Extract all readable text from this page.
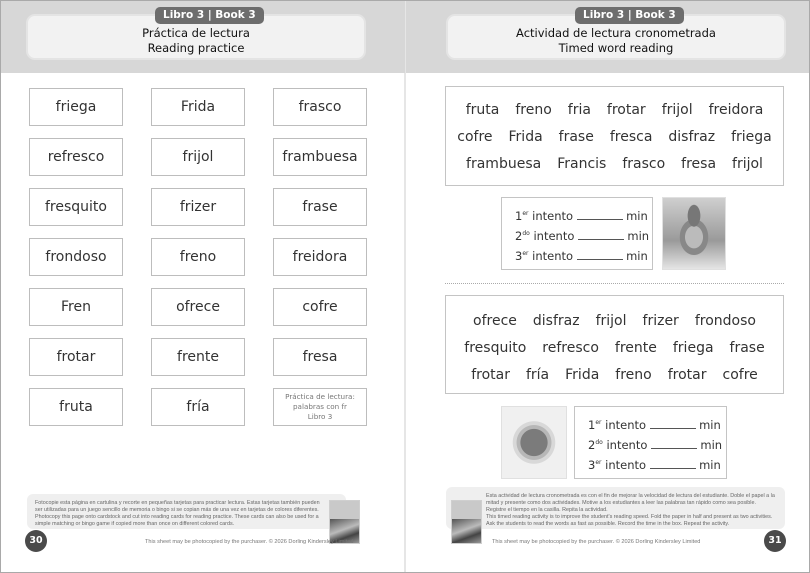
Práctica de lectura
Reading practice
Libro 3 | Book 3
friega	Frida	frasco
refresco	frijol	frambuesa
fresquito	frizer	frase
frondoso	freno	freidora
Fren	ofrece	cofre
frotar	frente	fresa
fruta	fría
Práctica de lectura:
palabras con fr
Libro 3
Fotocopie esta página en cartulina y recorte en pequeñas tarjetas para practicar lectura. Estas tarjetas también pueden ser utilizadas para un juego sencillo de memoria o bingo si se copian más de una vez en tarjetas de colores diferentes.
Photocopy this page onto cardstock and cut into reading cards for reading practice. These cards can also be used for a simple matching or bingo game if copied more than once on different colored cards.
30	This sheet may be photocopied by the purchaser. © 2026 Dorling Kindersley Limited
Actividad de lectura cronometrada
Timed word reading
Libro 3 | Book 3
fruta freno fria frotar frijol freidora
cofre Frida frase fresca disfraz friega
frambuesa Francis frasco fresa frijol
1er intento	min
$2^{do}$ intento	min
3er intento	min
ofrece disfraz frijol frizer frondoso
fresquito refresco frente friega frase
frotar fría Frida freno frotar cofre
1er intento	min
$2^{do}$ intento	min
3er intento	min
Esta actividad de lectura cronometrada es con el fin de mejorar la velocidad de lectura del estudiante. Doble el papel a la mitad y presente como dos actividades. Motive a los estudiantes a leer las palabras tan rápido como sea posible. Registre el tiempo en la casilla. Repita la actividad.
This timed reading activity is to improve the student's reading speed. Fold the paper in half and present as two activities. Ask the students to read the words as fast as possible. Record the time in the box. Repeat the activity.
31
This sheet may be photocopied by the purchaser. © 2026 Dorling Kindersley Limited
